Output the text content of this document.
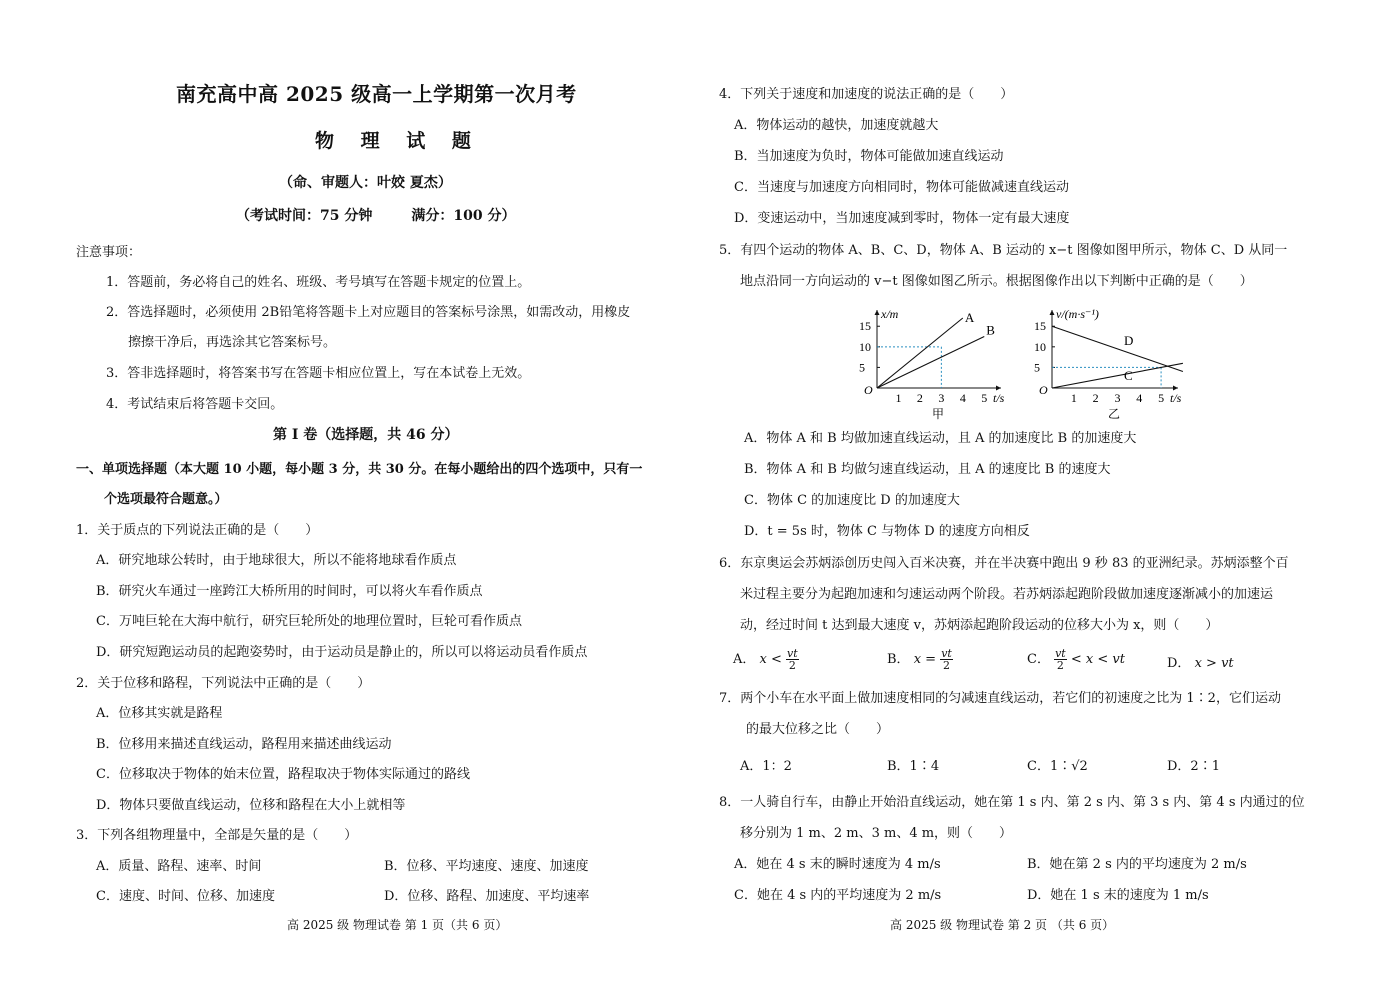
南充高中高 2025 级高一上学期第一次月考
物 理 试 题
（命、审题人：叶姣 夏杰）
（考试时间：75 分钟        满分：100 分）
注意事项：
1．答题前，务必将自己的姓名、班级、考号填写在答题卡规定的位置上。
2．答选择题时，必须使用 2B铅笔将答题卡上对应题目的答案标号涂黑，如需改动，用橡皮
擦擦干净后，再选涂其它答案标号。
3．答非选择题时，将答案书写在答题卡相应位置上，写在本试卷上无效。
4．考试结束后将答题卡交回。
第 I 卷（选择题，共 46 分）
一、单项选择题（本大题 10 小题，每小题 3 分，共 30 分。在每小题给出的四个选项中，只有一
个选项最符合题意。）
1．关于质点的下列说法正确的是（　　）
A．研究地球公转时，由于地球很大，所以不能将地球看作质点
B．研究火车通过一座跨江大桥所用的时间时，可以将火车看作质点
C．万吨巨轮在大海中航行，研究巨轮所处的地理位置时，巨轮可看作质点
D．研究短跑运动员的起跑姿势时，由于运动员是静止的，所以可以将运动员看作质点
2．关于位移和路程，下列说法中正确的是（　　）
A．位移其实就是路程
B．位移用来描述直线运动，路程用来描述曲线运动
C．位移取决于物体的始末位置，路程取决于物体实际通过的路线
D．物体只要做直线运动，位移和路程在大小上就相等
3．下列各组物理量中，全部是矢量的是（　　）
A．质量、路程、速率、时间	B．位移、平均速度、速度、加速度
C．速度、时间、位移、加速度	D．位移、路程、加速度、平均速率
高 2025 级 物理试卷 第 1 页（共 6 页）
4．下列关于速度和加速度的说法正确的是（　　）
A．物体运动的越快，加速度就越大
B．当加速度为负时，物体可能做加速直线运动
C．当速度与加速度方向相同时，物体可能做减速直线运动
D．变速运动中，当加速度减到零时，物体一定有最大速度
5．有四个运动的物体 A、B、C、D，物体 A、B 运动的 x−t 图像如图甲所示，物体 C、D 从同一
地点沿同一方向运动的 v−t 图像如图乙所示。根据图像作出以下判断中正确的是（　　）
x/m
t/s
O
1 2 3 4 5
5
10
15
A
B
甲
v/(m·s⁻¹)
t/s
O
1 2 3 4 5
5
10
15
D
C
乙
A．物体 A 和 B 均做加速直线运动，且 A 的加速度比 B 的加速度大
B．物体 A 和 B 均做匀速直线运动，且 A 的速度比 B 的速度大
C．物体 C 的加速度比 D 的加速度大
D．t = 5s 时，物体 C 与物体 D 的速度方向相反
6．东京奥运会苏炳添创历史闯入百米决赛，并在半决赛中跑出 9 秒 83 的亚洲纪录。苏炳添整个百
米过程主要分为起跑加速和匀速运动两个阶段。若苏炳添起跑阶段做加速度逐渐减小的加速运
动，经过时间 t 达到最大速度 v，苏炳添起跑阶段运动的位移大小为 x，则（　　）
A． $x < \frac{vt}{2}$	B． $x = \frac{vt}{2}$	C． $\frac{vt}{2} < x$ < vt	D． x > vt
7．两个小车在水平面上做加速度相同的匀减速直线运动，若它们的初速度之比为 1∶2，它们运动
的最大位移之比（　　）
A．1：2	B．1∶4	C．1∶√2	D．2∶1
8．一人骑自行车，由静止开始沿直线运动，她在第 1 s 内、第 2 s 内、第 3 s 内、第 4 s 内通过的位
移分别为 1 m、2 m、3 m、4 m，则（　　）
A．她在 4 s 末的瞬时速度为 4 m/s	B．她在第 2 s 内的平均速度为 2 m/s
C．她在 4 s 内的平均速度为 2 m/s	D．她在 1 s 末的速度为 1 m/s
高 2025 级 物理试卷 第 2 页 （共 6 页）
